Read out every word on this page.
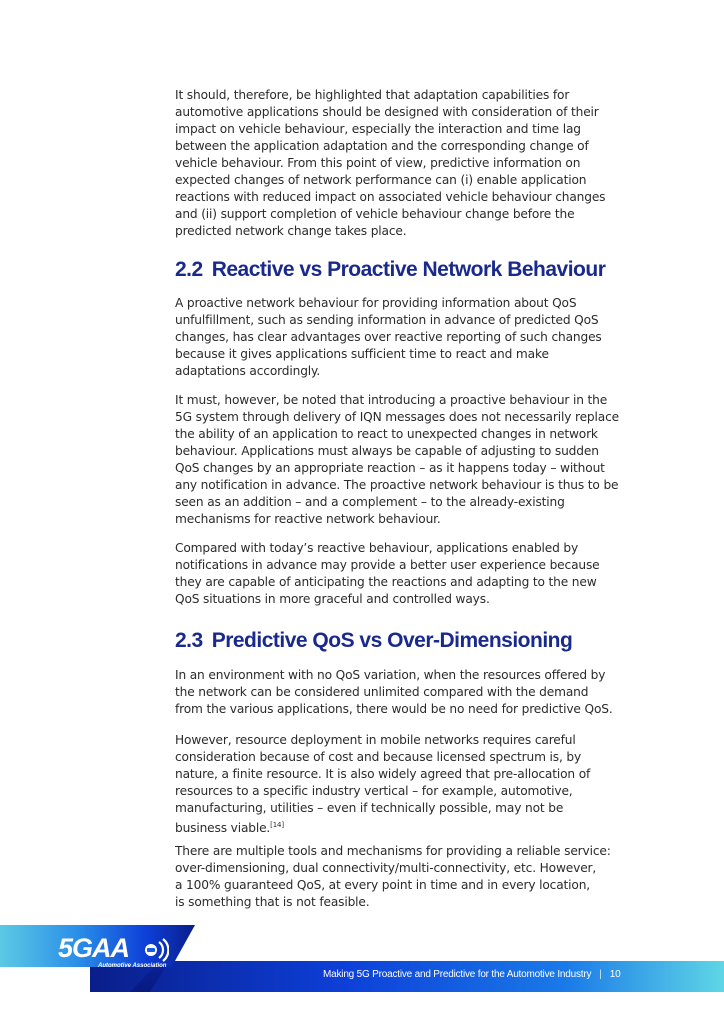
It should, therefore, be highlighted that adaptation capabilities for
automotive applications should be designed with consideration of their
impact on vehicle behaviour, especially the interaction and time lag
between the application adaptation and the corresponding change of
vehicle behaviour. From this point of view, predictive information on
expected changes of network performance can (i) enable application
reactions with reduced impact on associated vehicle behaviour changes
and (ii) support completion of vehicle behaviour change before the
predicted network change takes place.
2.2 Reactive vs Proactive Network Behaviour
A proactive network behaviour for providing information about QoS
unfulfillment, such as sending information in advance of predicted QoS
changes, has clear advantages over reactive reporting of such changes
because it gives applications sufficient time to react and make
adaptations accordingly.
It must, however, be noted that introducing a proactive behaviour in the
5G system through delivery of IQN messages does not necessarily replace
the ability of an application to react to unexpected changes in network
behaviour. Applications must always be capable of adjusting to sudden
QoS changes by an appropriate reaction – as it happens today – without
any notification in advance. The proactive network behaviour is thus to be
seen as an addition – and a complement – to the already-existing
mechanisms for reactive network behaviour.
Compared with today’s reactive behaviour, applications enabled by
notifications in advance may provide a better user experience because
they are capable of anticipating the reactions and adapting to the new
QoS situations in more graceful and controlled ways.
2.3 Predictive QoS vs Over-Dimensioning
In an environment with no QoS variation, when the resources offered by
the network can be considered unlimited compared with the demand
from the various applications, there would be no need for predictive QoS.
However, resource deployment in mobile networks requires careful
consideration because of cost and because licensed spectrum is, by
nature, a finite resource. It is also widely agreed that pre-allocation of
resources to a specific industry vertical – for example, automotive,
manufacturing, utilities – even if technically possible, may not be
business viable.[14]
There are multiple tools and mechanisms for providing a reliable service:
over-dimensioning, dual connectivity/multi-connectivity, etc. However,
a 100% guaranteed QoS, at every point in time and in every location,
is something that is not feasible.
5GAA
Automotive Association
Making 5G Proactive and Predictive for the Automotive Industry | 10
